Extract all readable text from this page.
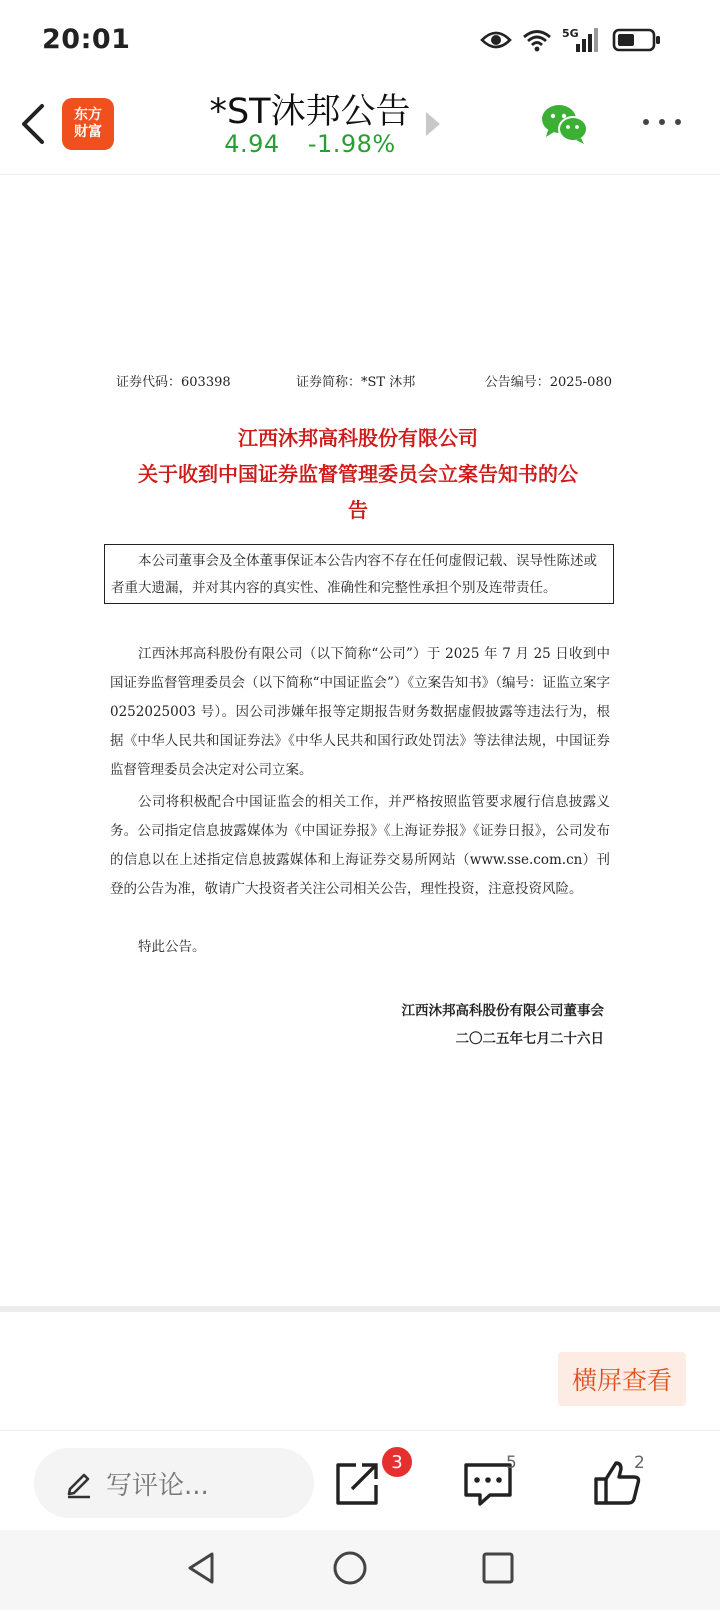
20:01	5G
东方
财富	*ST沐邦公告
4.94 -1.98%
证券代码：603398	证券简称：*ST 沐邦	公告编号：2025-080
江西沐邦高科股份有限公司
关于收到中国证券监督管理委员会立案告知书的公
告
本公司董事会及全体董事保证本公告内容不存在任何虚假记载、误导性陈述或者重大遗漏，并对其内容的真实性、准确性和完整性承担个别及连带责任。
江西沐邦高科股份有限公司（以下简称“公司”）于 2025 年 7 月 25 日收到中国证券监督管理委员会（以下简称“中国证监会”）《立案告知书》（编号：证监立案字 0252025003 号）。因公司涉嫌年报等定期报告财务数据虚假披露等违法行为，根据《中华人民共和国证券法》《中华人民共和国行政处罚法》等法律法规，中国证券监督管理委员会决定对公司立案。
公司将积极配合中国证监会的相关工作，并严格按照监管要求履行信息披露义务。公司指定信息披露媒体为《中国证券报》《上海证券报》《证券日报》，公司发布的信息以在上述指定信息披露媒体和上海证券交易所网站（www.sse.com.cn）刊登的公告为准，敬请广大投资者关注公司相关公告，理性投资，注意投资风险。
特此公告。
江西沐邦高科股份有限公司董事会
二〇二五年七月二十六日
横屏查看
写评论...
3	5	2
